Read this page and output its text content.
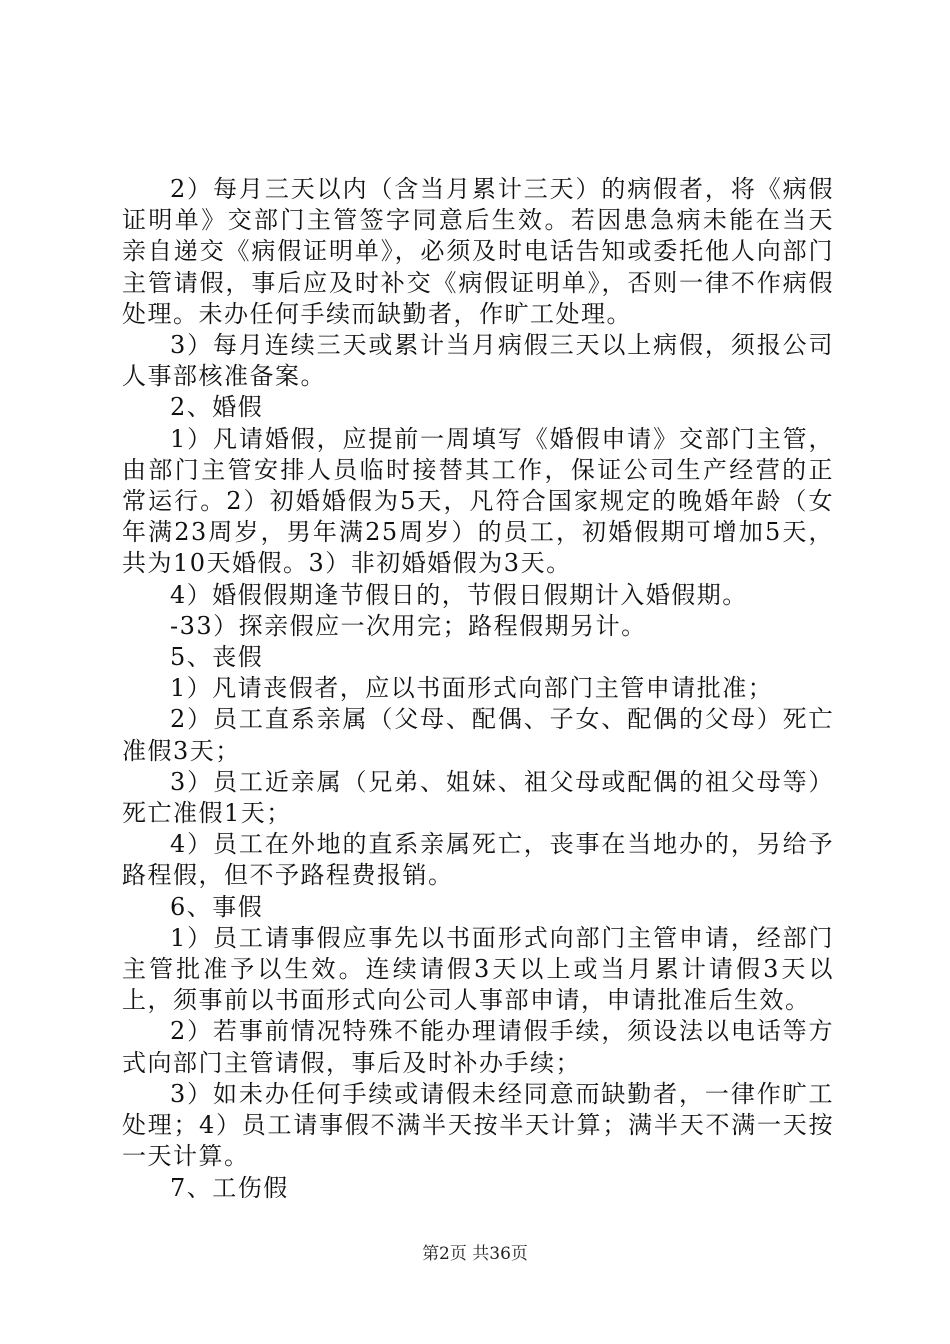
2）每月三天以内（含当月累计三天）的病假者，将《病假证明单》交部门主管签字同意后生效。若因患急病未能在当天亲自递交《病假证明单》，必须及时电话告知或委托他人向部门主管请假，事后应及时补交《病假证明单》，否则一律不作病假处理。未办任何手续而缺勤者，作旷工处理。

3）每月连续三天或累计当月病假三天以上病假，须报公司人事部核准备案。

2、婚假

1）凡请婚假，应提前一周填写《婚假申请》交部门主管，由部门主管安排人员临时接替其工作，保证公司生产经营的正常运行。2）初婚婚假为5天，凡符合国家规定的晚婚年龄（女年满23周岁，男年满25周岁）的员工，初婚假期可增加5天，共为10天婚假。3）非初婚婚假为3天。

4）婚假假期逢节假日的，节假日假期计入婚假期。

-33）探亲假应一次用完；路程假期另计。

5、丧假

1）凡请丧假者，应以书面形式向部门主管申请批准；

2）员工直系亲属（父母、配偶、子女、配偶的父母）死亡准假3天；

3）员工近亲属（兄弟、姐妹、祖父母或配偶的祖父母等）死亡准假1天；

4）员工在外地的直系亲属死亡，丧事在当地办的，另给予路程假，但不予路程费报销。

6、事假

1）员工请事假应事先以书面形式向部门主管申请，经部门主管批准予以生效。连续请假3天以上或当月累计请假3天以上，须事前以书面形式向公司人事部申请，申请批准后生效。

2）若事前情况特殊不能办理请假手续，须设法以电话等方式向部门主管请假，事后及时补办手续；

3）如未办任何手续或请假未经同意而缺勤者，一律作旷工处理；4）员工请事假不满半天按半天计算；满半天不满一天按一天计算。

7、工伤假

第2页 共36页
